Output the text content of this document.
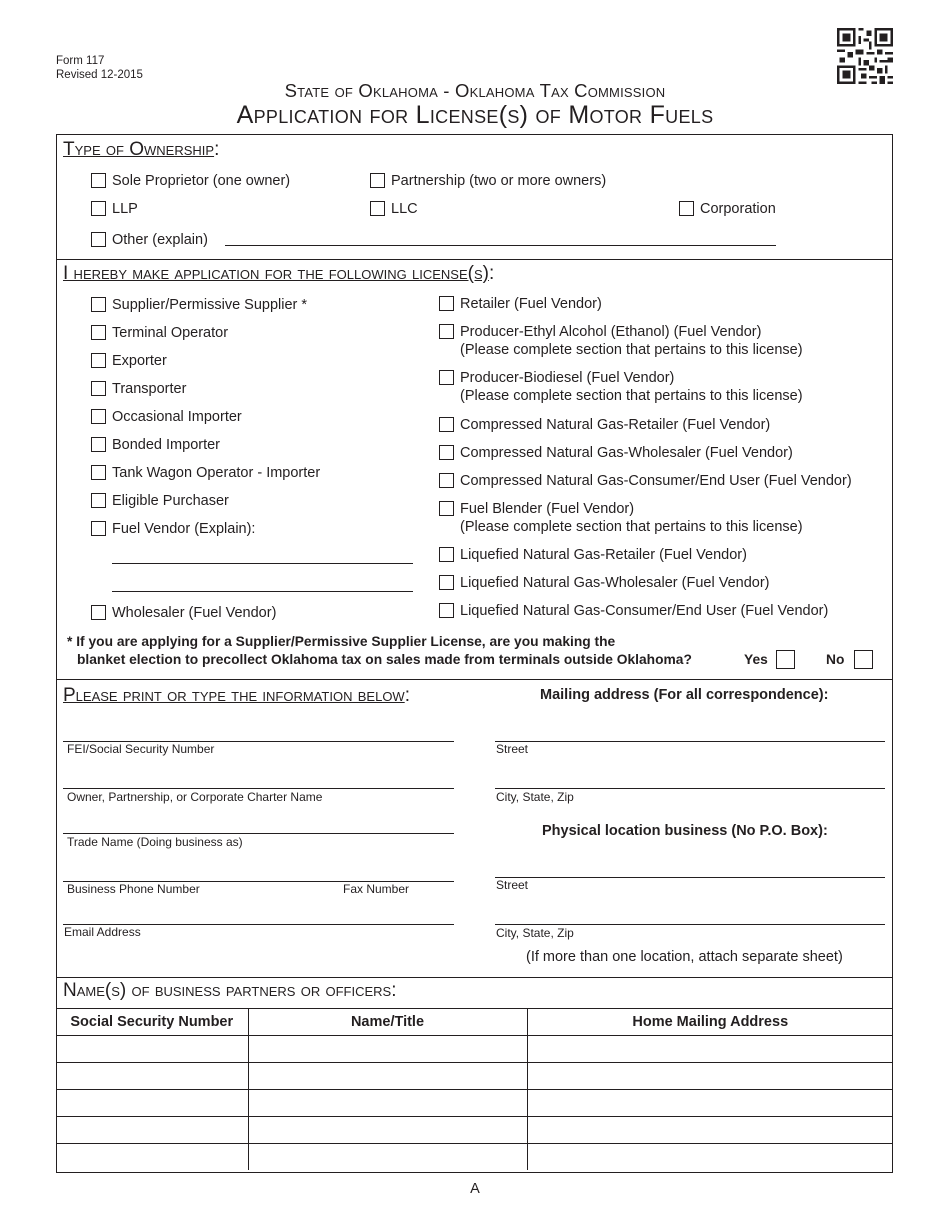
Form 117
Revised 12-2015
State of Oklahoma - Oklahoma Tax Commission
Application for License(s) of Motor Fuels
Type of Ownership:
Sole Proprietor (one owner)	Partnership (two or more owners)
LLP	LLC	Corporation
Other (explain)
I hereby make application for the following license(s):
Supplier/Permissive Supplier *
Terminal Operator
Exporter
Transporter
Occasional Importer
Bonded Importer
Tank Wagon Operator - Importer
Eligible Purchaser
Fuel Vendor (Explain):
Wholesaler (Fuel Vendor)
Retailer (Fuel Vendor)
Producer-Ethyl Alcohol (Ethanol) (Fuel Vendor)
(Please complete section that pertains to this license)
Producer-Biodiesel (Fuel Vendor)
(Please complete section that pertains to this license)
Compressed Natural Gas-Retailer (Fuel Vendor)
Compressed Natural Gas-Wholesaler (Fuel Vendor)
Compressed Natural Gas-Consumer/End User (Fuel Vendor)
Fuel Blender (Fuel Vendor)
(Please complete section that pertains to this license)
Liquefied Natural Gas-Retailer (Fuel Vendor)
Liquefied Natural Gas-Wholesaler (Fuel Vendor)
Liquefied Natural Gas-Consumer/End User (Fuel Vendor)
* If you are applying for a Supplier/Permissive Supplier License, are you making the
blanket election to precollect Oklahoma tax on sales made from terminals outside Oklahoma?	Yes	No
Please print or type the information below:	Mailing address (For all correspondence):
FEI/Social Security Number
Owner, Partnership, or Corporate Charter Name
Trade Name (Doing business as)
Business Phone Number	Fax Number
Email Address
Street
City, State, Zip
Physical location business (No P.O. Box):
Street
City, State, Zip
(If more than one location, attach separate sheet)
Name(s) of business partners or officers:
Social Security Number	Name/Title	Home Mailing Address

A
